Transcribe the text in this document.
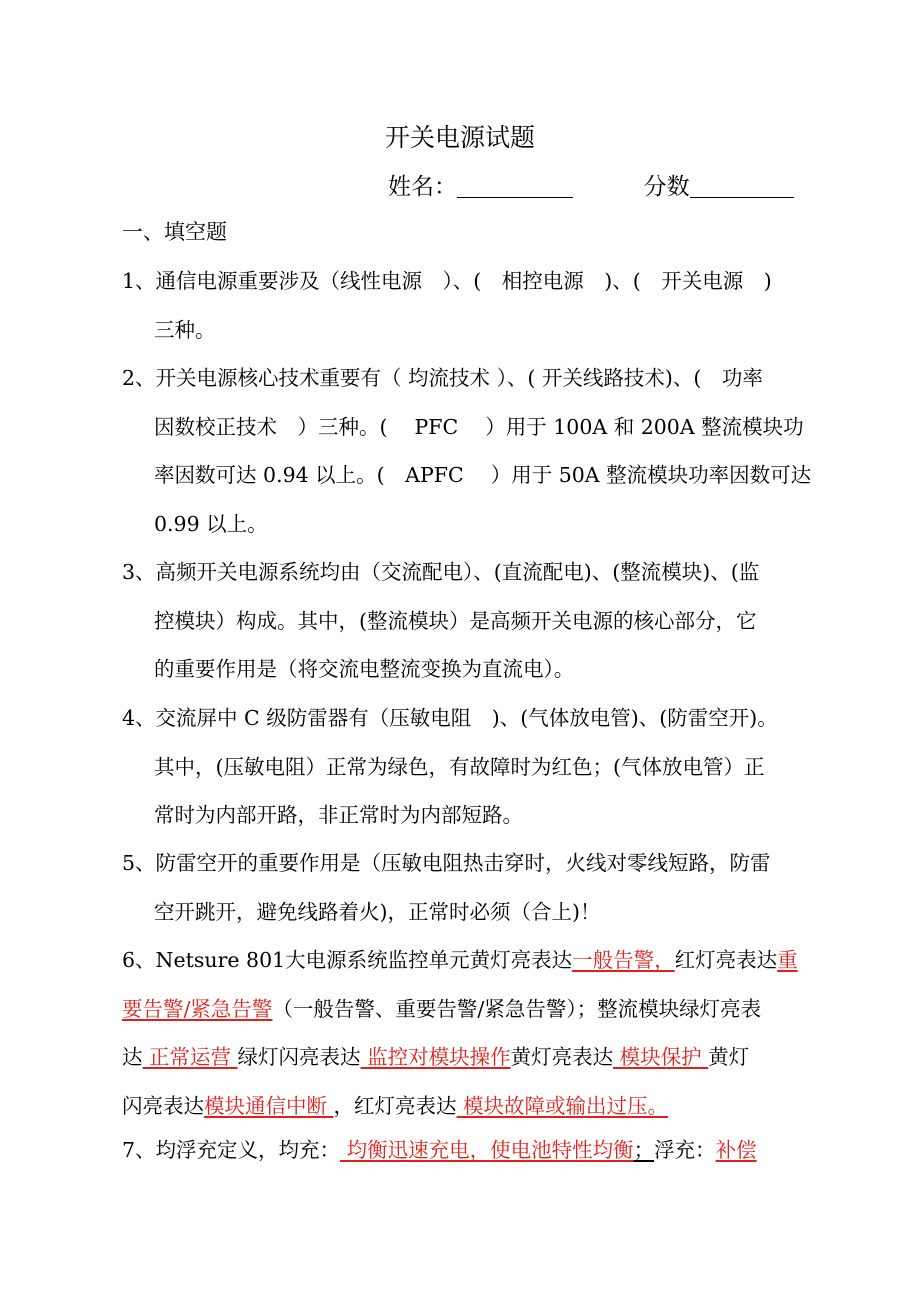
开关电源试题
姓名：	分数
一、填空题
1、通信电源重要涉及（线性电源　）、(　相控电源　)、(　开关电源　)
三种。
2、开关电源核心技术重要有（ 均流技术 ）、( 开关线路技术)、(　功率
因数校正技术　）三种。(　 PFC　 ）用于 100A 和 200A 整流模块功
率因数可达 0.94 以上。(　APFC　 ）用于 50A 整流模块功率因数可达
0.99 以上。
3、高频开关电源系统均由（交流配电）、(直流配电)、(整流模块)、(监
控模块）构成。其中，(整流模块）是高频开关电源的核心部分，它
的重要作用是（将交流电整流变换为直流电）。
4、交流屏中 C 级防雷器有（压敏电阻　)、(气体放电管)、(防雷空开)。
其中，(压敏电阻）正常为绿色，有故障时为红色；(气体放电管）正
常时为内部开路，非正常时为内部短路。
5、防雷空开的重要作用是（压敏电阻热击穿时，火线对零线短路，防雷
空开跳开，避免线路着火)，正常时必须（合上)！
6、Netsure 801大电源系统监控单元黄灯亮表达一般告警，红灯亮表达重
要告警/紧急告警（一般告警、重要告警/紧急告警）；整流模块绿灯亮表
达 正常运营 绿灯闪亮表达 监控对模块操作黄灯亮表达 模块保护 黄灯
闪亮表达模块通信中断 ，红灯亮表达 模块故障或输出过压。
7、均浮充定义，均充： 均衡迅速充电，使电池特性均衡；浮充：补偿
